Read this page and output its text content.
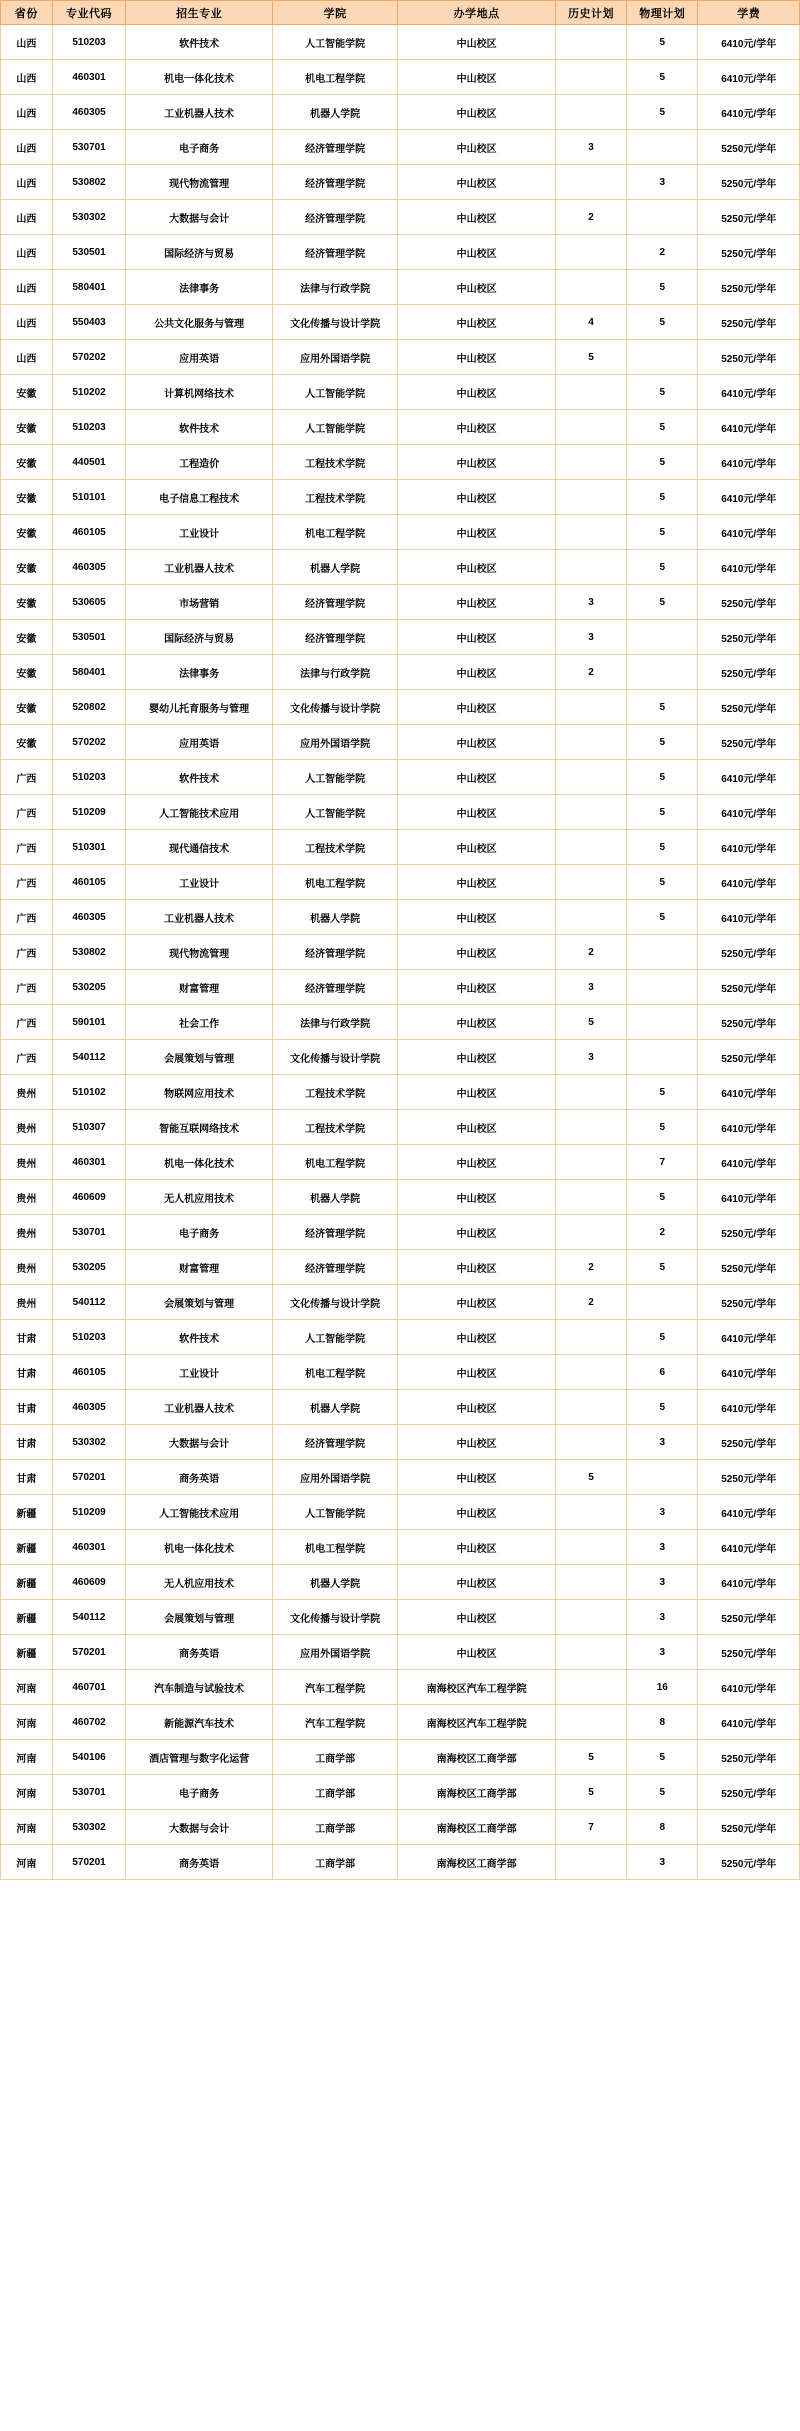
省份	专业代码	招生专业	学院	办学地点	历史计划	物理计划	学费
山西	510203	软件技术	人工智能学院	中山校区		5	6410元/学年
山西	460301	机电一体化技术	机电工程学院	中山校区		5	6410元/学年
山西	460305	工业机器人技术	机器人学院	中山校区		5	6410元/学年
山西	530701	电子商务	经济管理学院	中山校区	3		5250元/学年
山西	530802	现代物流管理	经济管理学院	中山校区		3	5250元/学年
山西	530302	大数据与会计	经济管理学院	中山校区	2		5250元/学年
山西	530501	国际经济与贸易	经济管理学院	中山校区		2	5250元/学年
山西	580401	法律事务	法律与行政学院	中山校区		5	5250元/学年
山西	550403	公共文化服务与管理	文化传播与设计学院	中山校区	4	5	5250元/学年
山西	570202	应用英语	应用外国语学院	中山校区	5		5250元/学年
安徽	510202	计算机网络技术	人工智能学院	中山校区		5	6410元/学年
安徽	510203	软件技术	人工智能学院	中山校区		5	6410元/学年
安徽	440501	工程造价	工程技术学院	中山校区		5	6410元/学年
安徽	510101	电子信息工程技术	工程技术学院	中山校区		5	6410元/学年
安徽	460105	工业设计	机电工程学院	中山校区		5	6410元/学年
安徽	460305	工业机器人技术	机器人学院	中山校区		5	6410元/学年
安徽	530605	市场营销	经济管理学院	中山校区	3	5	5250元/学年
安徽	530501	国际经济与贸易	经济管理学院	中山校区	3		5250元/学年
安徽	580401	法律事务	法律与行政学院	中山校区	2		5250元/学年
安徽	520802	婴幼儿托育服务与管理	文化传播与设计学院	中山校区		5	5250元/学年
安徽	570202	应用英语	应用外国语学院	中山校区		5	5250元/学年
广西	510203	软件技术	人工智能学院	中山校区		5	6410元/学年
广西	510209	人工智能技术应用	人工智能学院	中山校区		5	6410元/学年
广西	510301	现代通信技术	工程技术学院	中山校区		5	6410元/学年
广西	460105	工业设计	机电工程学院	中山校区		5	6410元/学年
广西	460305	工业机器人技术	机器人学院	中山校区		5	6410元/学年
广西	530802	现代物流管理	经济管理学院	中山校区	2		5250元/学年
广西	530205	财富管理	经济管理学院	中山校区	3		5250元/学年
广西	590101	社会工作	法律与行政学院	中山校区	5		5250元/学年
广西	540112	会展策划与管理	文化传播与设计学院	中山校区	3		5250元/学年
贵州	510102	物联网应用技术	工程技术学院	中山校区		5	6410元/学年
贵州	510307	智能互联网络技术	工程技术学院	中山校区		5	6410元/学年
贵州	460301	机电一体化技术	机电工程学院	中山校区		7	6410元/学年
贵州	460609	无人机应用技术	机器人学院	中山校区		5	6410元/学年
贵州	530701	电子商务	经济管理学院	中山校区		2	5250元/学年
贵州	530205	财富管理	经济管理学院	中山校区	2	5	5250元/学年
贵州	540112	会展策划与管理	文化传播与设计学院	中山校区	2		5250元/学年
甘肃	510203	软件技术	人工智能学院	中山校区		5	6410元/学年
甘肃	460105	工业设计	机电工程学院	中山校区		6	6410元/学年
甘肃	460305	工业机器人技术	机器人学院	中山校区		5	6410元/学年
甘肃	530302	大数据与会计	经济管理学院	中山校区		3	5250元/学年
甘肃	570201	商务英语	应用外国语学院	中山校区	5		5250元/学年
新疆	510209	人工智能技术应用	人工智能学院	中山校区		3	6410元/学年
新疆	460301	机电一体化技术	机电工程学院	中山校区		3	6410元/学年
新疆	460609	无人机应用技术	机器人学院	中山校区		3	6410元/学年
新疆	540112	会展策划与管理	文化传播与设计学院	中山校区		3	5250元/学年
新疆	570201	商务英语	应用外国语学院	中山校区		3	5250元/学年
河南	460701	汽车制造与试验技术	汽车工程学院	南海校区汽车工程学院		16	6410元/学年
河南	460702	新能源汽车技术	汽车工程学院	南海校区汽车工程学院		8	6410元/学年
河南	540106	酒店管理与数字化运营	工商学部	南海校区工商学部	5	5	5250元/学年
河南	530701	电子商务	工商学部	南海校区工商学部	5	5	5250元/学年
河南	530302	大数据与会计	工商学部	南海校区工商学部	7	8	5250元/学年
河南	570201	商务英语	工商学部	南海校区工商学部		3	5250元/学年
